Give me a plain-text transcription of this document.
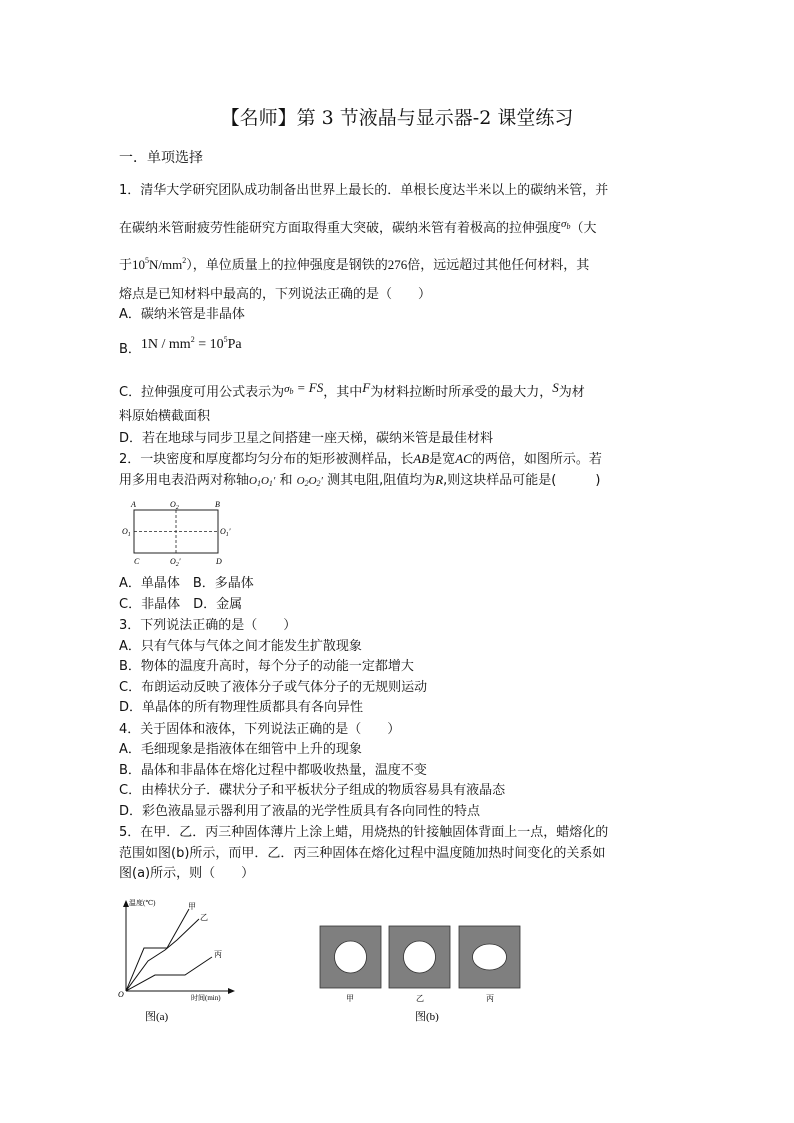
【名师】第 3 节液晶与显示器-2 课堂练习
一．单项选择
1．清华大学研究团队成功制备出世界上最长的．单根长度达半米以上的碳纳米管，并
在碳纳米管耐疲劳性能研究方面取得重大突破，碳纳米管有着极高的拉伸强度$^{\sigma_b}$（大
于$10^5N/mm^2$），单位质量上的拉伸强度是钢铁的276倍，远远超过其他任何材料，其
熔点是已知材料中最高的，下列说法正确的是（　　）
A．碳纳米管是非晶体
B．$1N / mm^2 = 10^5Pa$
C．拉伸强度可用公式表示为$\sigma_b$ = FS，其中F为材料拉断时所承受的最大力，S为材
料原始横截面积
D．若在地球与同步卫星之间搭建一座天梯，碳纳米管是最佳材料
2．一块密度和厚度都均匀分布的矩形被测样品，长AB是宽AC的两倍，如图所示。若
用多用电表沿两对称轴$O_1O_1'$ 和 $O_2O_2'$ 测其电阻,阻值均为R,则这块样品可能是(　　　)
A	$O_2$	B
$O_1$	$O_1'$
C	$O_2'$	D
A．单晶体　B．多晶体
C．非晶体　D．金属
3．下列说法正确的是（　　）
A．只有气体与气体之间才能发生扩散现象
B．物体的温度升高时，每个分子的动能一定都增大
C．布朗运动反映了液体分子或气体分子的无规则运动
D．单晶体的所有物理性质都具有各向异性
4．关于固体和液体，下列说法正确的是（　　）
A．毛细现象是指液体在细管中上升的现象
B．晶体和非晶体在熔化过程中都吸收热量，温度不变
C．由棒状分子．碟状分子和平板状分子组成的物质容易具有液晶态
D．彩色液晶显示器利用了液晶的光学性质具有各向同性的特点
5．在甲．乙．丙三种固体薄片上涂上蜡，用烧热的针接触固体背面上一点，蜡熔化的
范围如图(b)所示，而甲．乙．丙三种固体在熔化过程中温度随加热时间变化的关系如
图(a)所示，则（　　）
温度(℃)
时间(min)
O
甲
乙
丙
图(a)
甲	乙	丙
图(b)
